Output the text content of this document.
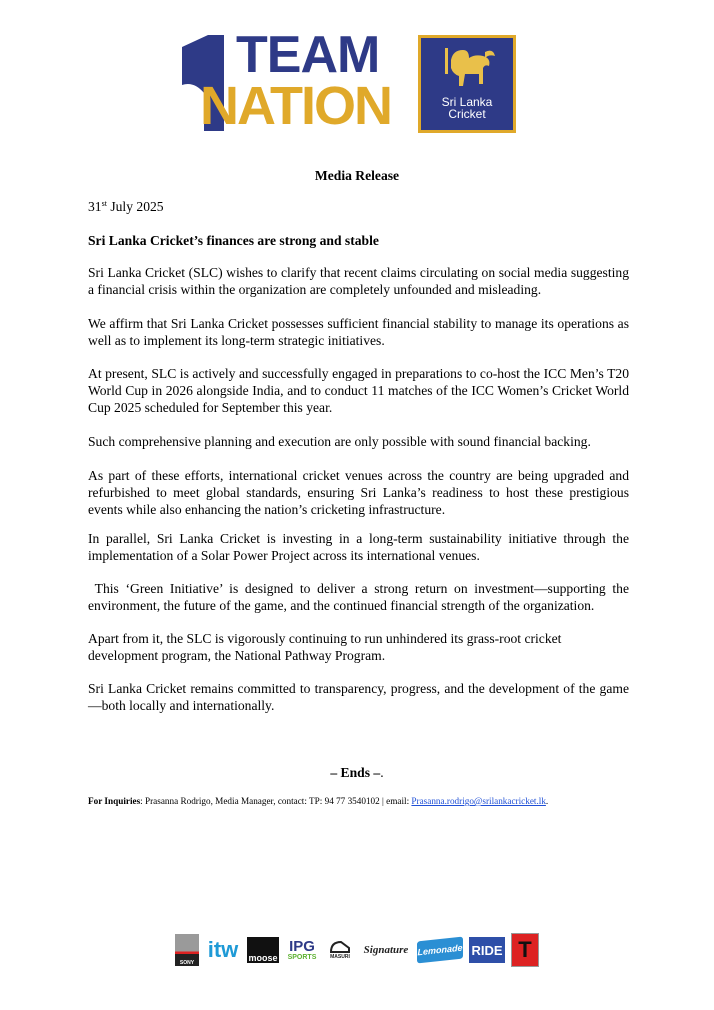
TEAM
NATION	Sri Lanka
Cricket
Media Release
31st July 2025
Sri Lanka Cricket’s finances are strong and stable
Sri Lanka Cricket (SLC) wishes to clarify that recent claims circulating on social media suggesting a financial crisis within the organization are completely unfounded and misleading.
We affirm that Sri Lanka Cricket possesses sufficient financial stability to manage its operations as well as to implement its long-term strategic initiatives.
At present, SLC is actively and successfully engaged in preparations to co-host the ICC Men’s T20 World Cup in 2026 alongside India, and to conduct 11 matches of the ICC Women’s Cricket World Cup 2025 scheduled for September this year.
Such comprehensive planning and execution are only possible with sound financial backing.
As part of these efforts, international cricket venues across the country are being upgraded and refurbished to meet global standards, ensuring Sri Lanka’s readiness to host these prestigious events while also enhancing the nation’s cricketing infrastructure.
In parallel, Sri Lanka Cricket is investing in a long-term sustainability initiative through the implementation of a Solar Power Project across its international venues.
This ‘Green Initiative’ is designed to deliver a strong return on investment—supporting the environment, the future of the game, and the continued financial strength of the organization.
Apart from it, the SLC is vigorously continuing to run unhindered its grass-root cricket development program, the National Pathway Program.
Sri Lanka Cricket remains committed to transparency, progress, and the development of the game—both locally and internationally.
– Ends –.
For Inquiries: Prasanna Rodrigo, Media Manager, contact: TP: 94 77 3540102 | email: Prasanna.rodrigo@srilankacricket.lk.
SONY
itw moose
IPG
SPORTS	MASURI
Signature Lemonade RIDE T
